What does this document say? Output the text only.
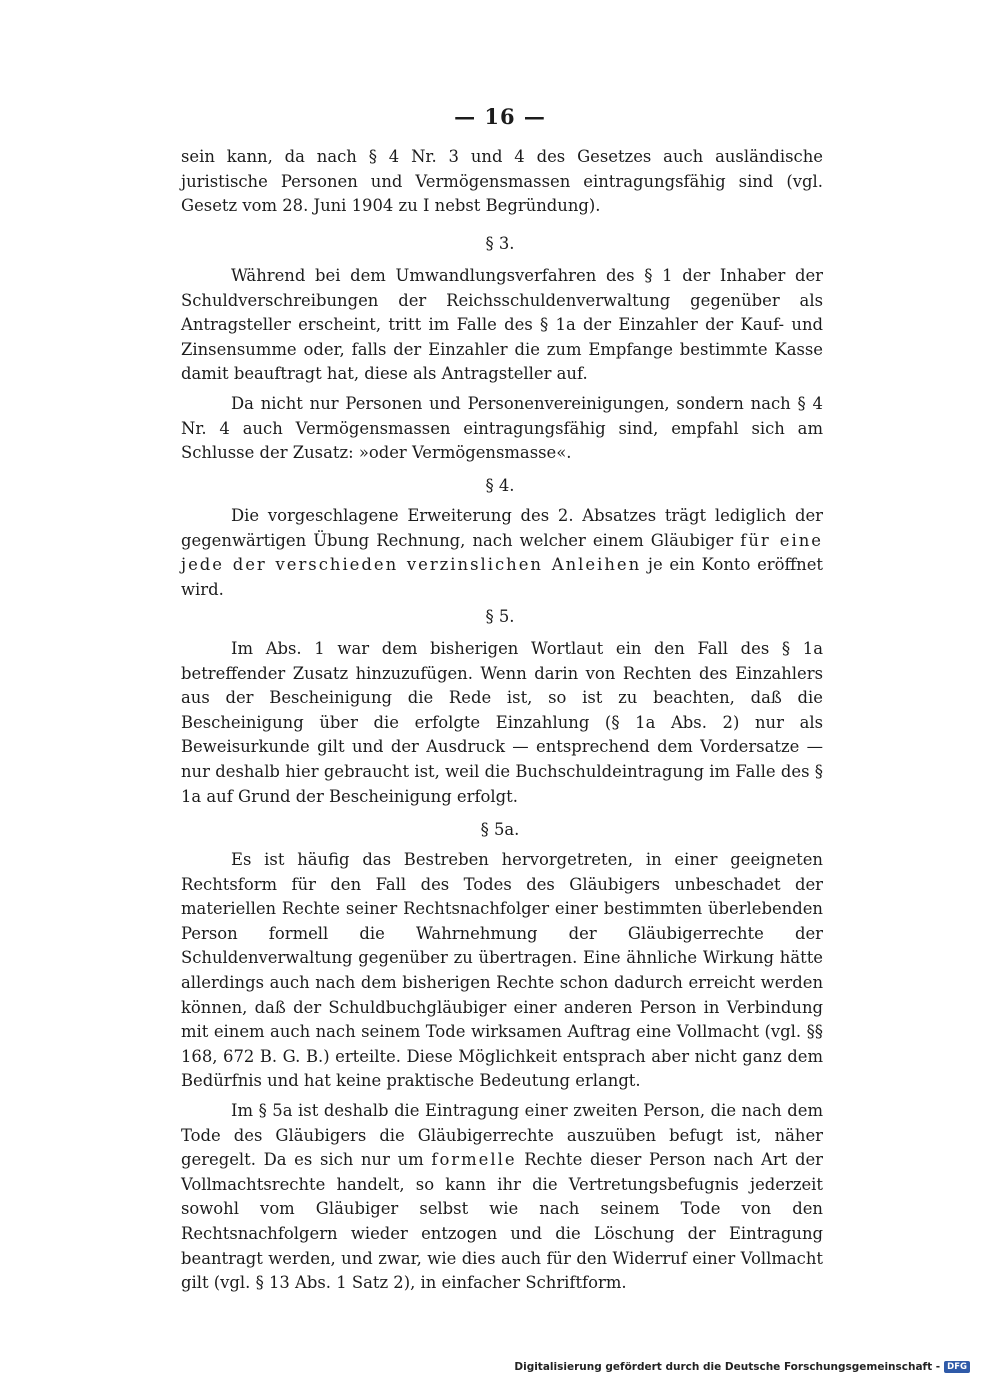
— 16 —

sein kann, da nach § 4 Nr. 3 und 4 des Gesetzes auch ausländische juristische Personen und Vermögensmassen eintragungsfähig sind (vgl. Gesetz vom 28. Juni 1904 zu I nebst Begründung).

§ 3.

Während bei dem Umwandlungsverfahren des § 1 der Inhaber der Schuldverschreibungen der Reichsschuldenverwaltung gegenüber als Antragsteller erscheint, tritt im Falle des § 1a der Einzahler der Kauf- und Zinsensumme oder, falls der Einzahler die zum Empfange bestimmte Kasse damit beauftragt hat, diese als Antragsteller auf.

Da nicht nur Personen und Personenvereinigungen, sondern nach § 4 Nr. 4 auch Vermögensmassen eintragungsfähig sind, empfahl sich am Schlusse der Zusatz: »oder Vermögensmasse«.

§ 4.

Die vorgeschlagene Erweiterung des 2. Absatzes trägt lediglich der gegenwärtigen Übung Rechnung, nach welcher einem Gläubiger für eine jede der verschieden verzinslichen Anleihen je ein Konto eröffnet wird.

§ 5.

Im Abs. 1 war dem bisherigen Wortlaut ein den Fall des § 1a betreffender Zusatz hinzuzufügen. Wenn darin von Rechten des Einzahlers aus der Bescheinigung die Rede ist, so ist zu beachten, daß die Bescheinigung über die erfolgte Einzahlung (§ 1a Abs. 2) nur als Beweisurkunde gilt und der Ausdruck — entsprechend dem Vordersatze — nur deshalb hier gebraucht ist, weil die Buchschuldeintragung im Falle des § 1a auf Grund der Bescheinigung erfolgt.

§ 5a.

Es ist häufig das Bestreben hervorgetreten, in einer geeigneten Rechtsform für den Fall des Todes des Gläubigers unbeschadet der materiellen Rechte seiner Rechtsnachfolger einer bestimmten überlebenden Person formell die Wahrnehmung der Gläubigerrechte der Schuldenverwaltung gegenüber zu übertragen. Eine ähnliche Wirkung hätte allerdings auch nach dem bisherigen Rechte schon dadurch erreicht werden können, daß der Schuldbuchgläubiger einer anderen Person in Verbindung mit einem auch nach seinem Tode wirksamen Auftrag eine Vollmacht (vgl. §§ 168, 672 B. G. B.) erteilte. Diese Möglichkeit entsprach aber nicht ganz dem Bedürfnis und hat keine praktische Bedeutung erlangt.

Im § 5a ist deshalb die Eintragung einer zweiten Person, die nach dem Tode des Gläubigers die Gläubigerrechte auszuüben befugt ist, näher geregelt. Da es sich nur um formelle Rechte dieser Person nach Art der Vollmachtsrechte handelt, so kann ihr die Vertretungsbefugnis jederzeit sowohl vom Gläubiger selbst wie nach seinem Tode von den Rechtsnachfolgern wieder entzogen und die Löschung der Eintragung beantragt werden, und zwar, wie dies auch für den Widerruf einer Vollmacht gilt (vgl. § 13 Abs. 1 Satz 2), in einfacher Schriftform.

Digitalisierung gefördert durch die Deutsche Forschungsgemeinschaft - DFG
